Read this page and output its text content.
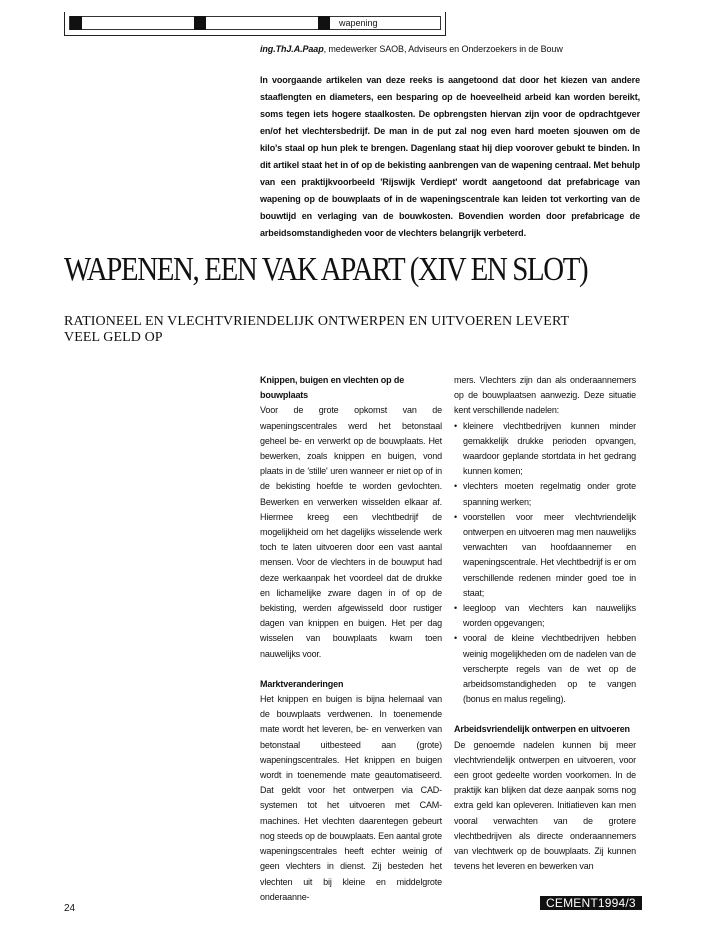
wapening
ing.ThJ.A.Paap, medewerker SAOB, Adviseurs en Onderzoekers in de Bouw
In voorgaande artikelen van deze reeks is aangetoond dat door het kiezen van andere staaflengten en diameters, een besparing op de hoeveelheid arbeid kan worden bereikt, soms tegen iets hogere staalkosten. De opbrengsten hiervan zijn voor de opdrachtgever en/of het vlechtersbedrijf. De man in de put zal nog even hard moeten sjouwen om de kilo's staal op hun plek te brengen. Dagenlang staat hij diep voorover gebukt te binden. In dit artikel staat het in of op de bekisting aanbrengen van de wapening centraal. Met behulp van een praktijkvoorbeeld 'Rijswijk Verdiept' wordt aangetoond dat prefabricage van wapening op de bouwplaats of in de wapeningscentrale kan leiden tot verkorting van de bouwtijd en verlaging van de bouwkosten. Bovendien worden door prefabricage de arbeidsomstandigheden voor de vlechters belangrijk verbeterd.
WAPENEN, EEN VAK APART (XIV EN SLOT)
RATIONEEL EN VLECHTVRIENDELIJK ONTWERPEN EN UITVOEREN LEVERT VEEL GELD OP
Knippen, buigen en vlechten op de bouwplaats

Voor de grote opkomst van de wapeningscentrales werd het betonstaal geheel be- en verwerkt op de bouwplaats. Het bewerken, zoals knippen en buigen, vond plaats in de 'stille' uren wanneer er niet op of in de bekisting hoefde te worden gevlochten. Bewerken en verwerken wisselden elkaar af. Hiermee kreeg een vlechtbedrijf de mogelijkheid om het dagelijks wisselende werk toch te laten uitvoeren door een vast aantal mensen. Voor de vlechters in de bouwput had deze werkaanpak het voordeel dat de drukke en lichamelijke zware dagen in of op de bekisting, werden afgewisseld door rustiger dagen van knippen en buigen. Het per dag wisselen van bouwplaats kwam toen nauwelijks voor.

Marktveranderingen

Het knippen en buigen is bijna helemaal van de bouwplaats verdwenen. In toenemende mate wordt het leveren, be- en verwerken van betonstaal uitbesteed aan (grote) wapeningscentrales. Het knippen en buigen wordt in toenemende mate geautomatiseerd. Dat geldt voor het ontwerpen via CAD-systemen tot het uitvoeren met CAM-machines. Het vlechten daarentegen gebeurt nog steeds op de bouwplaats. Een aantal grote wapeningscentrales heeft echter weinig of geen vlechters in dienst. Zij besteden het vlechten uit bij kleine en middelgrote onderaanne-

mers. Vlechters zijn dan als onderaannemers op de bouwplaatsen aanwezig. Deze situatie kent verschillende nadelen:

• kleinere vlechtbedrijven kunnen minder gemakkelijk drukke perioden opvangen, waardoor geplande stortdata in het gedrang kunnen komen;
• vlechters moeten regelmatig onder grote spanning werken;
• voorstellen voor meer vlechtvriendelijk ontwerpen en uitvoeren mag men nauwelijks verwachten van hoofdaannemer en wapeningscentrale. Het vlechtbedrijf is er om verschillende redenen minder goed toe in staat;
• leegloop van vlechters kan nauwelijks worden opgevangen;
• vooral de kleine vlechtbedrijven hebben weinig mogelijkheden om de nadelen van de verscherpte regels van de wet op de arbeidsomstandigheden op te vangen (bonus en malus regeling).
Arbeidsvriendelijk ontwerpen en uitvoeren

De genoemde nadelen kunnen bij meer vlechtvriendelijk ontwerpen en uitvoeren, voor een groot gedeelte worden voorkomen. In de praktijk kan blijken dat deze aanpak soms nog extra geld kan opleveren. Initiatieven kan men vooral verwachten van de grotere vlechtbedrijven als directe onderaannemers van vlechtwerk op de bouwplaats. Zij kunnen tevens het leveren en bewerken van

24	CEMENT1994/3
